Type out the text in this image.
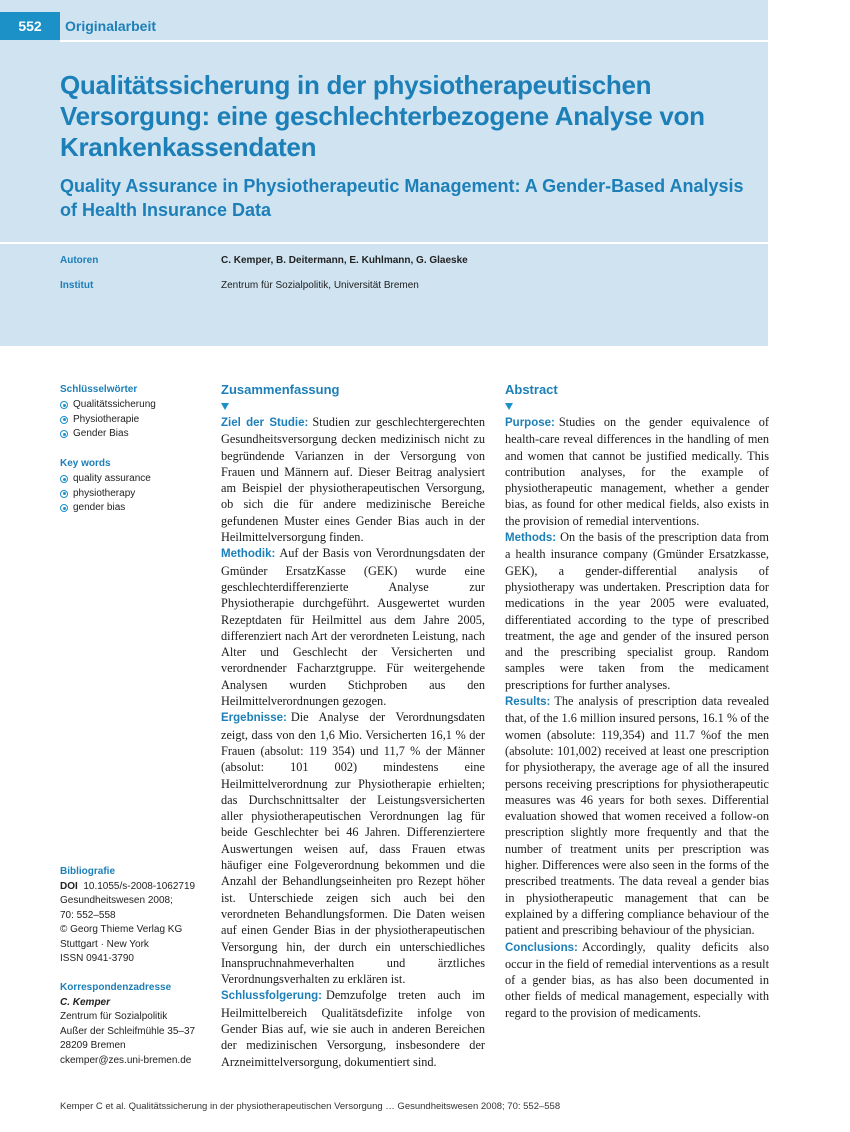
552	Originalarbeit
Qualitätssicherung in der physiotherapeutischen Versorgung: eine geschlechterbezogene Analyse von Krankenkassendaten
Quality Assurance in Physiotherapeutic Management: A Gender-Based Analysis of Health Insurance Data
Autoren	C. Kemper, B. Deitermann, E. Kuhlmann, G. Glaeske
Institut	Zentrum für Sozialpolitik, Universität Bremen
Schlüsselwörter
Qualitätssicherung
Physiotherapie
Gender Bias
Key words
quality assurance
physiotherapy
gender bias
Bibliografie
DOI 10.1055/s-2008-1062719
Gesundheitswesen 2008;
70: 552–558
© Georg Thieme Verlag KG
Stuttgart · New York
ISSN 0941-3790
Korrespondenzadresse
C. Kemper
Zentrum für Sozialpolitik
Außer der Schleifmühle 35–37
28209 Bremen
ckemper@zes.uni-bremen.de
Zusammenfassung

Ziel der Studie: Studien zur geschlechtergerechten Gesundheitsversorgung decken medizinisch nicht zu begründende Varianzen in der Versorgung von Frauen und Männern auf. Dieser Beitrag analysiert am Beispiel der physiotherapeutischen Versorgung, ob sich die für andere medizinische Bereiche gefundenen Muster eines Gender Bias auch in der Heilmittelversorgung finden.

Methodik: Auf der Basis von Verordnungsdaten der Gmünder ErsatzKasse (GEK) wurde eine geschlechterdifferenzierte Analyse zur Physiotherapie durchgeführt. Ausgewertet wurden Rezeptdaten für Heilmittel aus dem Jahre 2005, differenziert nach Art der verordneten Leistung, nach Alter und Geschlecht der Versicherten und verordnender Facharztgruppe. Für weitergehende Analysen wurden Stichproben aus den Heilmittelverordnungen gezogen.

Ergebnisse: Die Analyse der Verordnungsdaten zeigt, dass von den 1,6 Mio. Versicherten 16,1 % der Frauen (absolut: 119 354) und 11,7 % der Männer (absolut: 101 002) mindestens eine Heilmittelverordnung zur Physiotherapie erhielten; das Durchschnittsalter der Leistungsversicherten aller physiotherapeutischen Verordnungen lag für beide Geschlechter bei 46 Jahren. Differenziertere Auswertungen weisen auf, dass Frauen etwas häufiger eine Folgeverordnung bekommen und die Anzahl der Behandlungseinheiten pro Rezept höher ist. Unterschiede zeigen sich auch bei den verordneten Behandlungsformen. Die Daten weisen auf einen Gender Bias in der physiotherapeutischen Versorgung hin, der durch ein unterschiedliches Inanspruchnahmeverhalten und ärztliches Verordnungsverhalten zu erklären ist.

Schlussfolgerung: Demzufolge treten auch im Heilmittelbereich Qualitätsdefizite infolge von Gender Bias auf, wie sie auch in anderen Bereichen der medizinischen Versorgung, insbesondere der Arzneimittelversorgung, dokumentiert sind.

Abstract

Purpose: Studies on the gender equivalence of health-care reveal differences in the handling of men and women that cannot be justified medically. This contribution analyses, for the example of physiotherapeutic management, whether a gender bias, as found for other medical fields, also exists in the provision of remedial interventions.

Methods: On the basis of the prescription data from a health insurance company (Gmünder Ersatzkasse, GEK), a gender-differential analysis of physiotherapy was undertaken. Prescription data for medications in the year 2005 were evaluated, differentiated according to the type of prescribed treatment, the age and gender of the insured person and the prescribing specialist group. Random samples were taken from the medicament prescriptions for further analyses.

Results: The analysis of prescription data revealed that, of the 1.6 million insured persons, 16.1 % of the women (absolute: 119,354) and 11.7 %of the men (absolute: 101,002) received at least one prescription for physiotherapy, the average age of all the insured persons receiving prescriptions for physiotherapeutic measures was 46 years for both sexes. Differential evaluation showed that women received a follow-on prescription slightly more frequently and that the number of treatment units per prescription was higher. Differences were also seen in the forms of the prescribed treatments. The data reveal a gender bias in physiotherapeutic management that can be explained by a differing compliance behaviour of the patient and prescribing behaviour of the physician.

Conclusions: Accordingly, quality deficits also occur in the field of remedial interventions as a result of a gender bias, as has also been documented in other fields of medical management, especially with regard to the provision of medicaments.

Kemper C et al. Qualitätssicherung in der physiotherapeutischen Versorgung … Gesundheitswesen 2008; 70: 552–558
